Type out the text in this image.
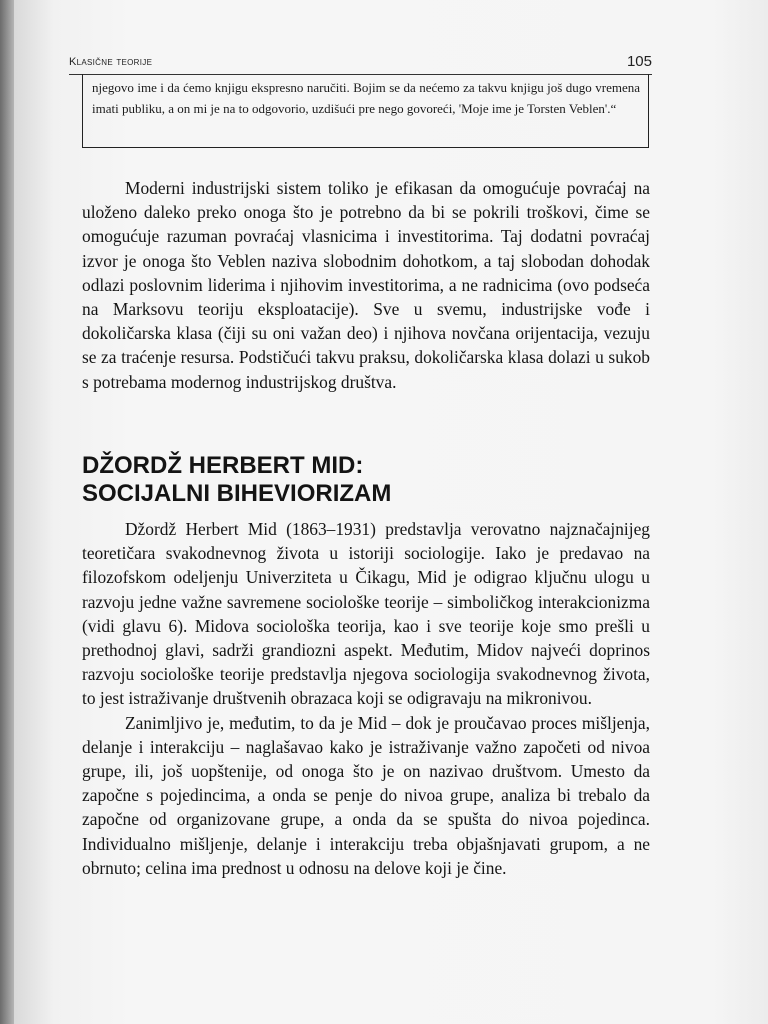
Klasične teorije	105
njegovo ime i da ćemo knjigu ekspresno naručiti. Bojim se da nećemo za takvu knjigu još dugo vremena imati publiku, a on mi je na to odgovorio, uzdišući pre nego govoreći, 'Moje ime je Torsten Veblen'.“

Moderni industrijski sistem toliko je efikasan da omogućuje povraćaj na uloženo daleko preko onoga što je potrebno da bi se pokrili troškovi, čime se omogućuje razuman povraćaj vlasnicima i investitorima. Taj dodatni povraćaj izvor je onoga što Veblen naziva slobodnim dohotkom, a taj slobodan dohodak odlazi poslovnim liderima i njihovim investitorima, a ne radnicima (ovo podseća na Marksovu teoriju eksploatacije). Sve u svemu, industrijske vođe i dokoličarska klasa (čiji su oni važan deo) i njihova novčana orijentacija, vezuju se za traćenje resursa. Podstičući takvu praksu, dokoličarska klasa dolazi u sukob s potrebama modernog industrijskog društva.

DŽORDŽ HERBERT MID:
SOCIJALNI BIHEVIORIZAM

Džordž Herbert Mid (1863–1931) predstavlja verovatno najznačajnijeg teoretičara svakodnevnog života u istoriji sociologije. Iako je predavao na filozofskom odeljenju Univerziteta u Čikagu, Mid je odigrao ključnu ulogu u razvoju jedne važne savremene sociološke teorije – simboličkog interakcionizma (vidi glavu 6). Midova sociološka teorija, kao i sve teorije koje smo prešli u prethodnoj glavi, sadrži grandiozni aspekt. Međutim, Midov najveći doprinos razvoju sociološke teorije predstavlja njegova sociologija svakodnevnog života, to jest istraživanje društvenih obrazaca koji se odigravaju na mikronivou.

Zanimljivo je, međutim, to da je Mid – dok je proučavao proces mišljenja, delanje i interakciju – naglašavao kako je istraživanje važno započeti od nivoa grupe, ili, još uopštenije, od onoga što je on nazivao društvom. Umesto da započne s pojedincima, a onda se penje do nivoa grupe, analiza bi trebalo da započne od organizovane grupe, a onda da se spušta do nivoa pojedinca. Individualno mišljenje, delanje i interakciju treba objašnjavati grupom, a ne obrnuto; celina ima prednost u odnosu na delove koji je čine.
